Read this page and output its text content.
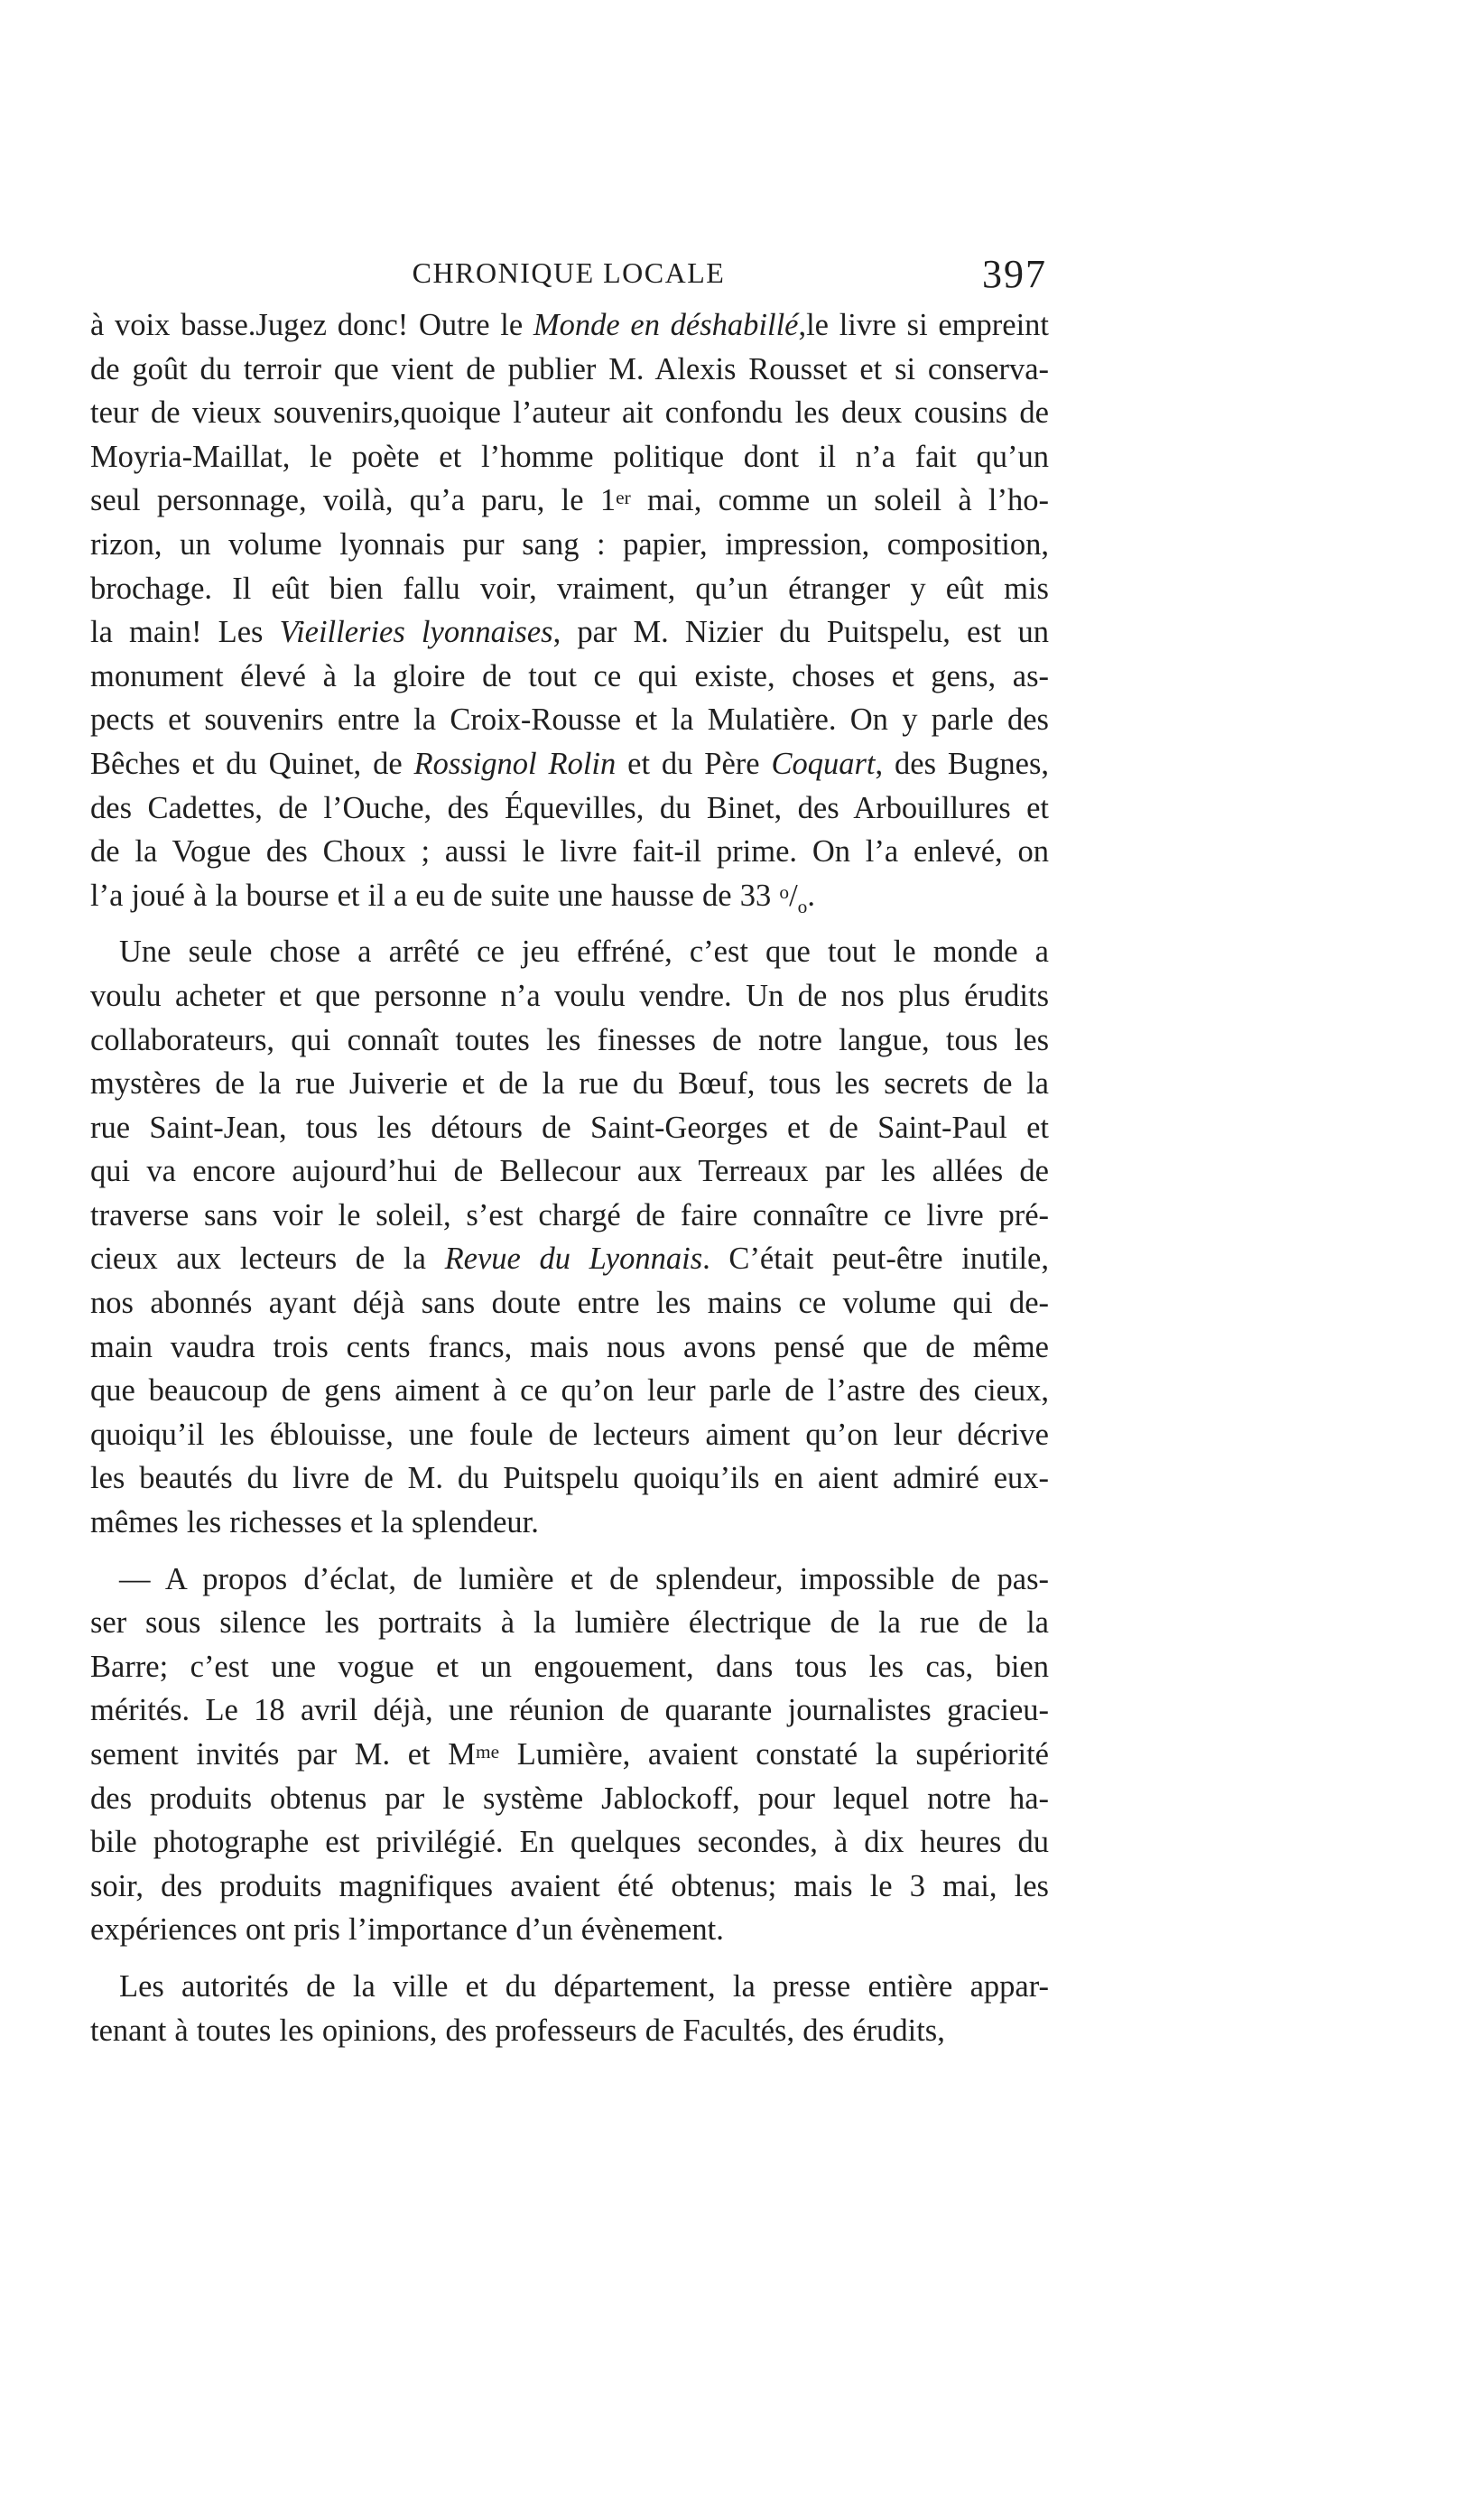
CHRONIQUE LOCALE	397

à voix basse.Jugez donc! Outre le Monde en déshabillé,le livre si empreint
de goût du terroir que vient de publier M. Alexis Rousset et si conserva-
teur de vieux souvenirs,quoique l’auteur ait confondu les deux cousins de
Moyria-Maillat, le poète et l’homme politique dont il n’a fait qu’un
seul personnage, voilà, qu’a paru, le 1er mai, comme un soleil à l’ho-
rizon, un volume lyonnais pur sang : papier, impression, composition,
brochage. Il eût bien fallu voir, vraiment, qu’un étranger y eût mis
la main! Les Vieilleries lyonnaises, par M. Nizier du Puitspelu, est un
monument élevé à la gloire de tout ce qui existe, choses et gens, as-
pects et souvenirs entre la Croix-Rousse et la Mulatière. On y parle des
Bêches et du Quinet, de Rossignol Rolin et du Père Coquart, des Bugnes,
des Cadettes, de l’Ouche, des Équevilles, du Binet, des Arbouillures et
de la Vogue des Choux ; aussi le livre fait-il prime. On l’a enlevé, on
l’a joué à la bourse et il a eu de suite une hausse de 33 $^o/_o$.

Une seule chose a arrêté ce jeu effréné, c’est que tout le monde a
voulu acheter et que personne n’a voulu vendre. Un de nos plus érudits
collaborateurs, qui connaît toutes les finesses de notre langue, tous les
mystères de la rue Juiverie et de la rue du Bœuf, tous les secrets de la
rue Saint-Jean, tous les détours de Saint-Georges et de Saint-Paul et
qui va encore aujourd’hui de Bellecour aux Terreaux par les allées de
traverse sans voir le soleil, s’est chargé de faire connaître ce livre pré-
cieux aux lecteurs de la Revue du Lyonnais. C’était peut-être inutile,
nos abonnés ayant déjà sans doute entre les mains ce volume qui de-
main vaudra trois cents francs, mais nous avons pensé que de même
que beaucoup de gens aiment à ce qu’on leur parle de l’astre des cieux,
quoiqu’il les éblouisse, une foule de lecteurs aiment qu’on leur décrive
les beautés du livre de M. du Puitspelu quoiqu’ils en aient admiré eux-
mêmes les richesses et la splendeur.

— A propos d’éclat, de lumière et de splendeur, impossible de pas-
ser sous silence les portraits à la lumière électrique de la rue de la
Barre; c’est une vogue et un engouement, dans tous les cas, bien
mérités. Le 18 avril déjà, une réunion de quarante journalistes gracieu-
sement invités par M. et $M^{me}$ Lumière, avaient constaté la supériorité
des produits obtenus par le système Jablockoff, pour lequel notre ha-
bile photographe est privilégié. En quelques secondes, à dix heures du
soir, des produits magnifiques avaient été obtenus; mais le 3 mai, les
expériences ont pris l’importance d’un évènement.

Les autorités de la ville et du département, la presse entière appar-
tenant à toutes les opinions, des professeurs de Facultés, des érudits,
